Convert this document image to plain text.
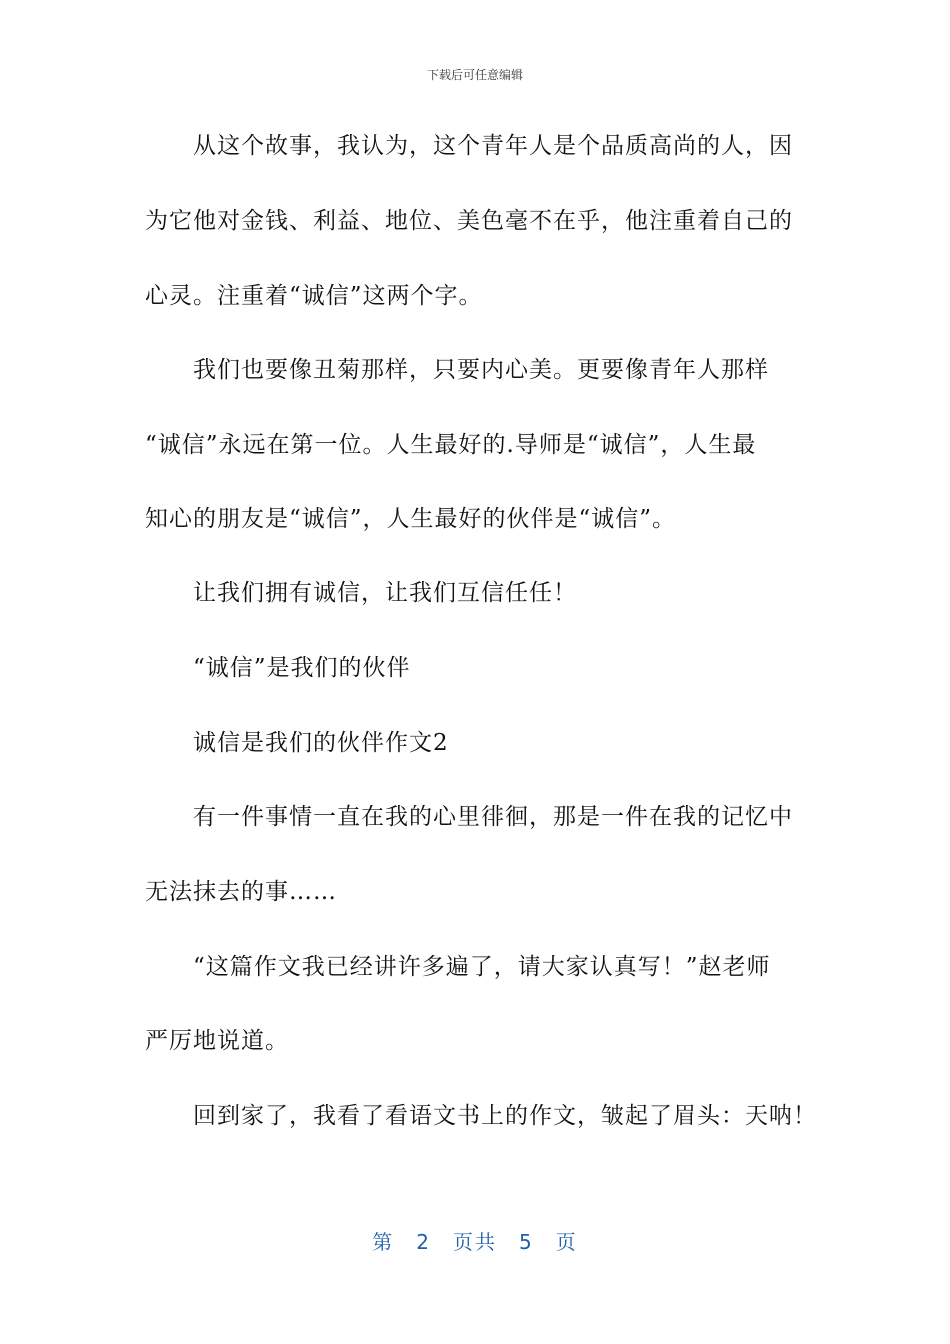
下载后可任意编辑
从这个故事，我认为，这个青年人是个品质高尚的人，因
为它他对金钱、利益、地位、美色毫不在乎，他注重着自己的
心灵。注重着“诚信”这两个字。
我们也要像丑菊那样，只要内心美。更要像青年人那样
“诚信”永远在第一位。人生最好的.导师是“诚信”，人生最
知心的朋友是“诚信”，人生最好的伙伴是“诚信”。
让我们拥有诚信，让我们互信任任！
“诚信”是我们的伙伴
诚信是我们的伙伴作文2
有一件事情一直在我的心里徘徊，那是一件在我的记忆中
无法抹去的事……
“这篇作文我已经讲许多遍了，请大家认真写！”赵老师
严厉地说道。
回到家了，我看了看语文书上的作文，皱起了眉头：天呐！
第 2 页共 5 页
